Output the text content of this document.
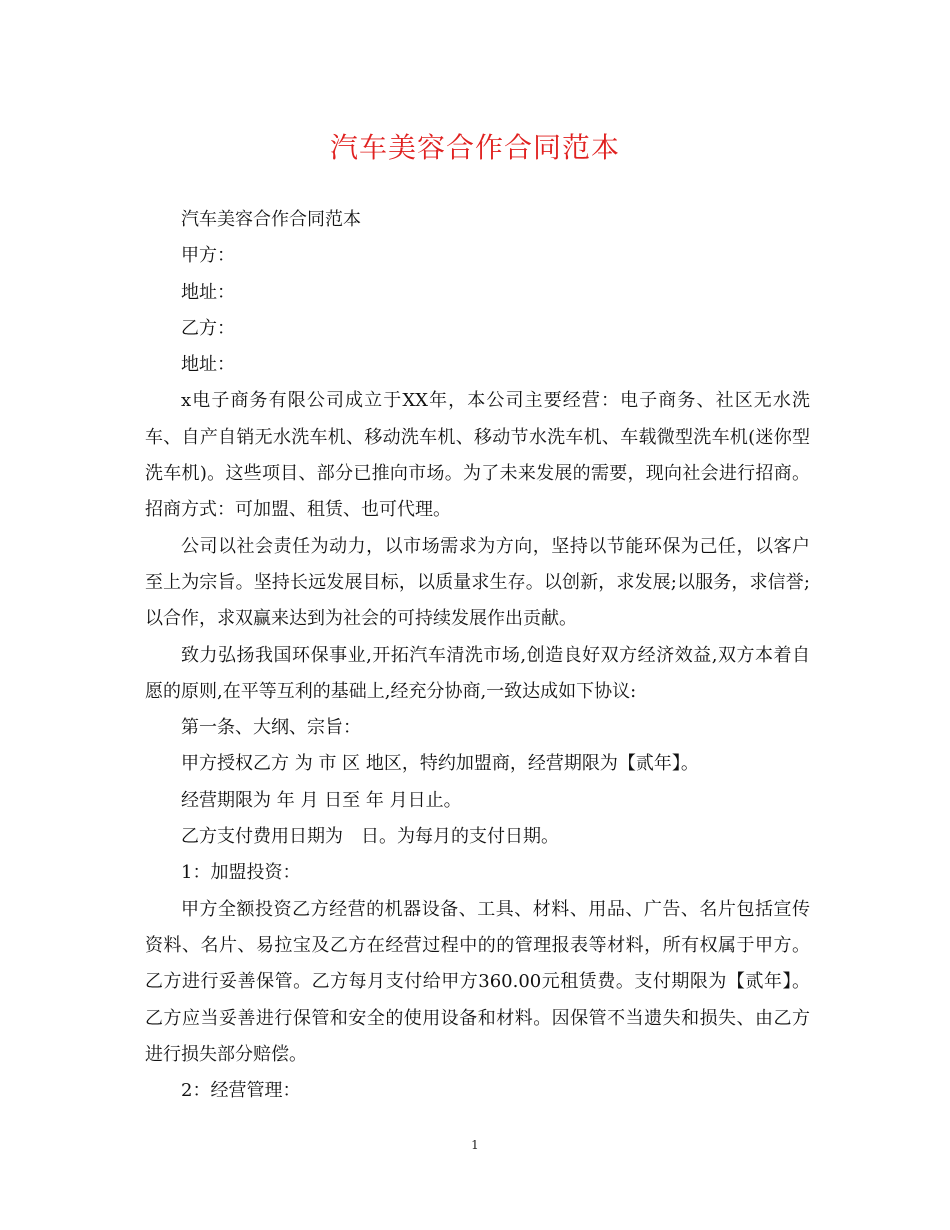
汽车美容合作合同范本

汽车美容合作合同范本

甲方：

地址：

乙方：

地址：

x电子商务有限公司成立于XX年，本公司主要经营：电子商务、社区无水洗车、自产自销无水洗车机、移动洗车机、移动节水洗车机、车载微型洗车机(迷你型洗车机)。这些项目、部分已推向市场。为了未来发展的需要，现向社会进行招商。招商方式：可加盟、租赁、也可代理。

公司以社会责任为动力，以市场需求为方向，坚持以节能环保为己任，以客户至上为宗旨。坚持长远发展目标，以质量求生存。以创新，求发展;以服务，求信誉;以合作，求双赢来达到为社会的可持续发展作出贡献。

致力弘扬我国环保事业,开拓汽车清洗市场,创造良好双方经济效益,双方本着自愿的原则,在平等互利的基础上,经充分协商,一致达成如下协议:

第一条、大纲、宗旨：

甲方授权乙方 为 市 区 地区，特约加盟商，经营期限为【贰年】。

经营期限为 年 月 日至 年 月日止。

乙方支付费用日期为　日。为每月的支付日期。

1：加盟投资：

甲方全额投资乙方经营的机器设备、工具、材料、用品、广告、名片包括宣传资料、名片、易拉宝及乙方在经营过程中的的管理报表等材料，所有权属于甲方。乙方进行妥善保管。乙方每月支付给甲方360.00元租赁费。支付期限为【贰年】。乙方应当妥善进行保管和安全的使用设备和材料。因保管不当遗失和损失、由乙方进行损失部分赔偿。

2：经营管理：

1
